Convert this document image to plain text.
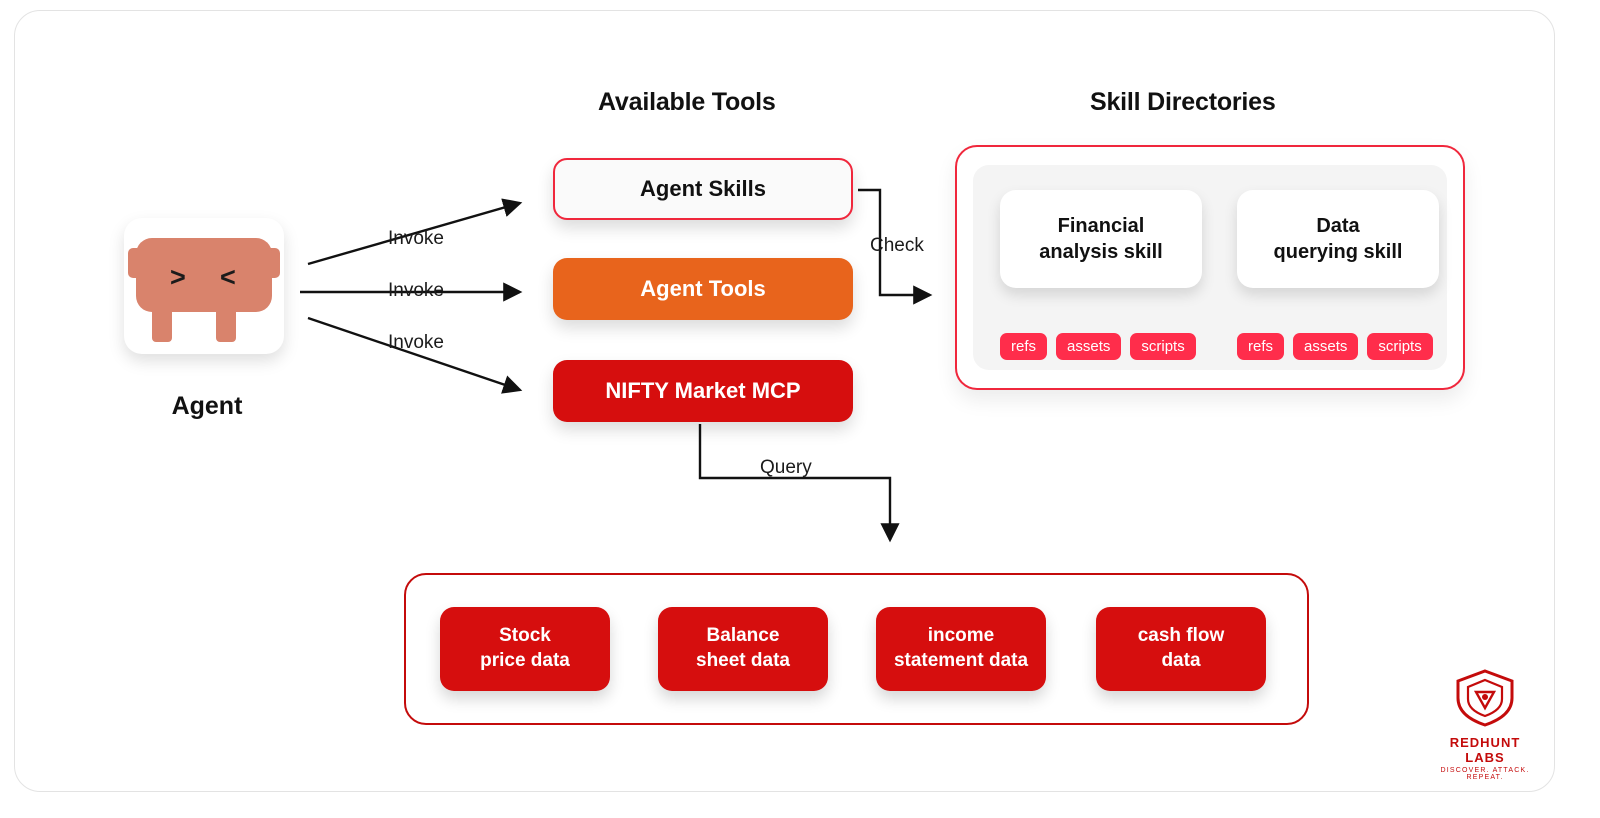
Available Tools	Skill Directories
> <
Agent
Invoke
Invoke
Invoke
Check
Query
Agent Skills
Agent Tools
NIFTY Market MCP
Financial
analysis skill
Data
querying skill
refs	assets	scripts	refs	assets	scripts
Stock
price data
Balance
sheet data
income
statement data
cash flow
data
REDHUNT LABS
DISCOVER. ATTACK. REPEAT.
